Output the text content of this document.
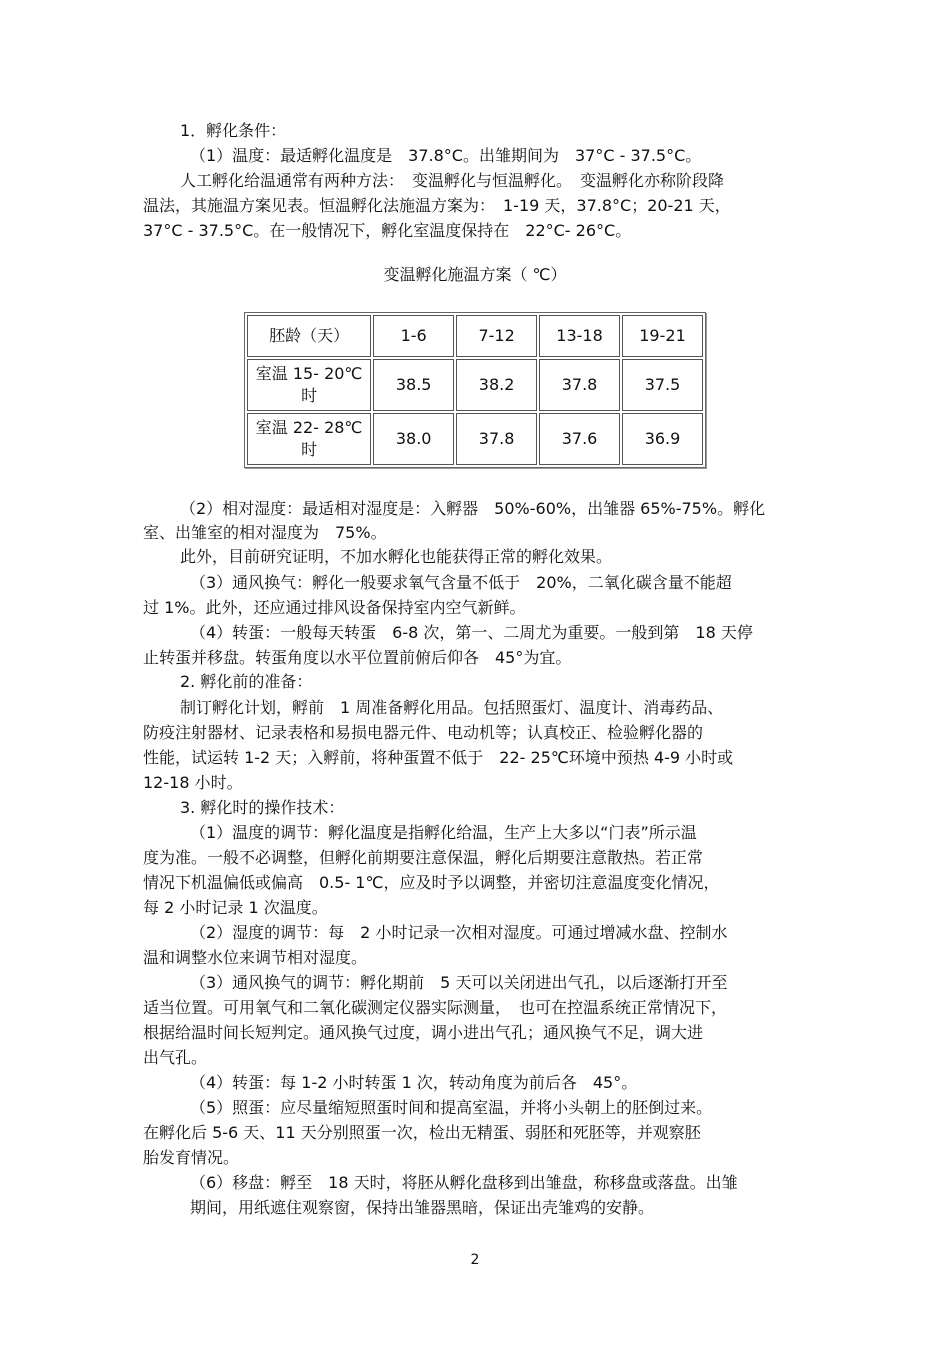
1．孵化条件：
（1）温度：最适孵化温度是　37.8°C。出雏期间为　37°C - 37.5°C。
人工孵化给温通常有两种方法：　变温孵化与恒温孵化。　变温孵化亦称阶段降
温法，其施温方案见表。恒温孵化法施温方案为：　1-19 天，37.8°C；20-21 天，
37°C - 37.5°C。在一般情况下，孵化室温度保持在　22°C- 26°C。
变温孵化施温方案（ ℃）
胚龄（天）	1-6	7-12	13-18	19-21

室温 15- 20℃
时	38.5	38.2	37.8	37.5

室温 22- 28℃
时	38.0	37.8	37.6	36.9
（2）相对湿度：最适相对湿度是：入孵器　50%-60%，出雏器 65%-75%。孵化
室、出雏室的相对湿度为　75%。
此外，目前研究证明，不加水孵化也能获得正常的孵化效果。
（3）通风换气：孵化一般要求氧气含量不低于　20%，二氧化碳含量不能超
过 1%。此外，还应通过排风设备保持室内空气新鲜。
（4）转蛋：一般每天转蛋　6-8 次，第一、二周尤为重要。一般到第　18 天停
止转蛋并移盘。转蛋角度以水平位置前俯后仰各　45°为宜。
2. 孵化前的准备：
制订孵化计划，孵前　1 周准备孵化用品。包括照蛋灯、温度计、消毒药品、
防疫注射器材、记录表格和易损电器元件、电动机等；认真校正、检验孵化器的
性能，试运转 1-2 天；入孵前，将种蛋置不低于　22- 25℃环境中预热 4-9 小时或
12-18 小时。
3. 孵化时的操作技术：
（1）温度的调节：孵化温度是指孵化给温，生产上大多以“门表”所示温
度为准。一般不必调整，但孵化前期要注意保温，孵化后期要注意散热。若正常
情况下机温偏低或偏高　0.5- 1℃，应及时予以调整，并密切注意温度变化情况，
每 2 小时记录 1 次温度。
（2）湿度的调节：每　2 小时记录一次相对湿度。可通过增减水盘、控制水
温和调整水位来调节相对湿度。
（3）通风换气的调节：孵化期前　5 天可以关闭进出气孔，以后逐渐打开至
适当位置。可用氧气和二氧化碳测定仪器实际测量，　也可在控温系统正常情况下，
根据给温时间长短判定。通风换气过度，调小进出气孔；通风换气不足，调大进
出气孔。
（4）转蛋：每 1-2 小时转蛋 1 次，转动角度为前后各　45°。
（5）照蛋：应尽量缩短照蛋时间和提高室温，并将小头朝上的胚倒过来。
在孵化后 5-6 天、11 天分别照蛋一次，检出无精蛋、弱胚和死胚等，并观察胚
胎发育情况。
（6）移盘：孵至　18 天时，将胚从孵化盘移到出雏盘，称移盘或落盘。出雏
期间，用纸遮住观察窗，保持出雏器黑暗，保证出壳雏鸡的安静。
2
